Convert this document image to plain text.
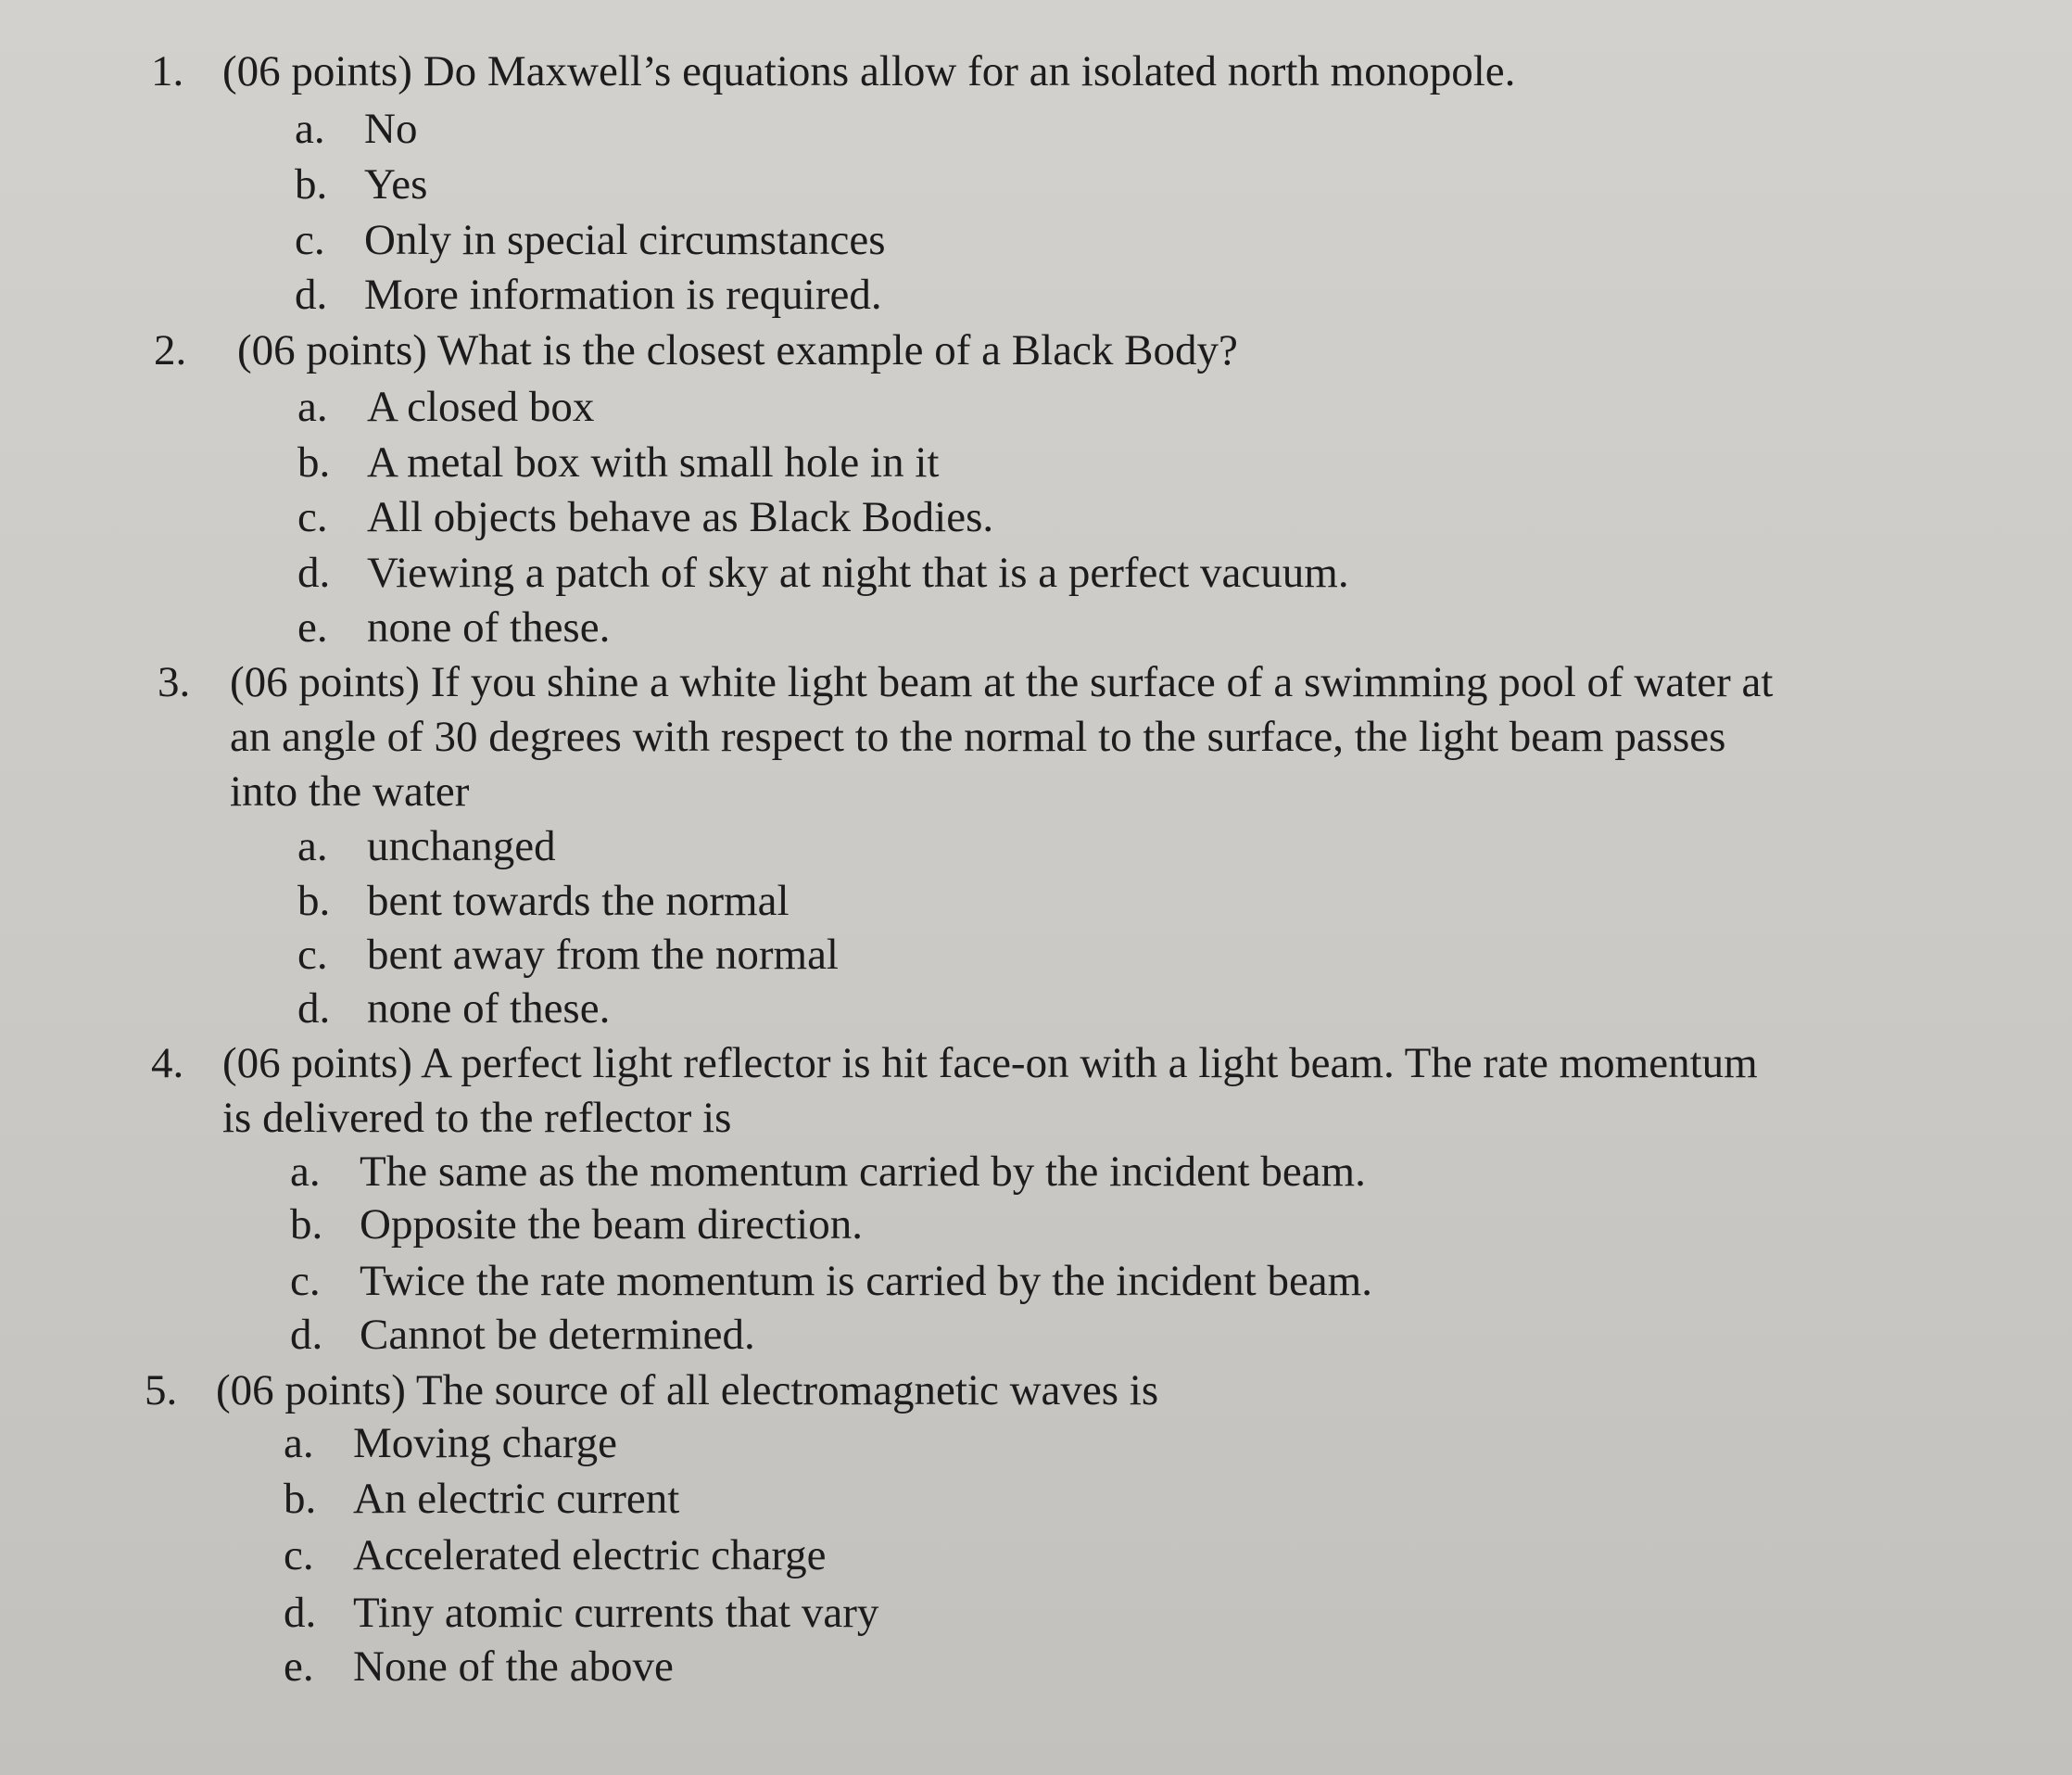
1. (06 points) Do Maxwell’s equations allow for an isolated north monopole.
a. No
b. Yes
c. Only in special circumstances
d. More information is required.
2. (06 points) What is the closest example of a Black Body?
a. A closed box
b. A metal box with small hole in it
c. All objects behave as Black Bodies.
d. Viewing a patch of sky at night that is a perfect vacuum.
e. none of these.
3. (06 points) If you shine a white light beam at the surface of a swimming pool of water at
an angle of 30 degrees with respect to the normal to the surface, the light beam passes
into the water
a. unchanged
b. bent towards the normal
c. bent away from the normal
d. none of these.
4. (06 points) A perfect light reflector is hit face-on with a light beam. The rate momentum
is delivered to the reflector is
a. The same as the momentum carried by the incident beam.
b. Opposite the beam direction.
c. Twice the rate momentum is carried by the incident beam.
d. Cannot be determined.
5. (06 points) The source of all electromagnetic waves is
a. Moving charge
b. An electric current
c. Accelerated electric charge
d. Tiny atomic currents that vary
e. None of the above
